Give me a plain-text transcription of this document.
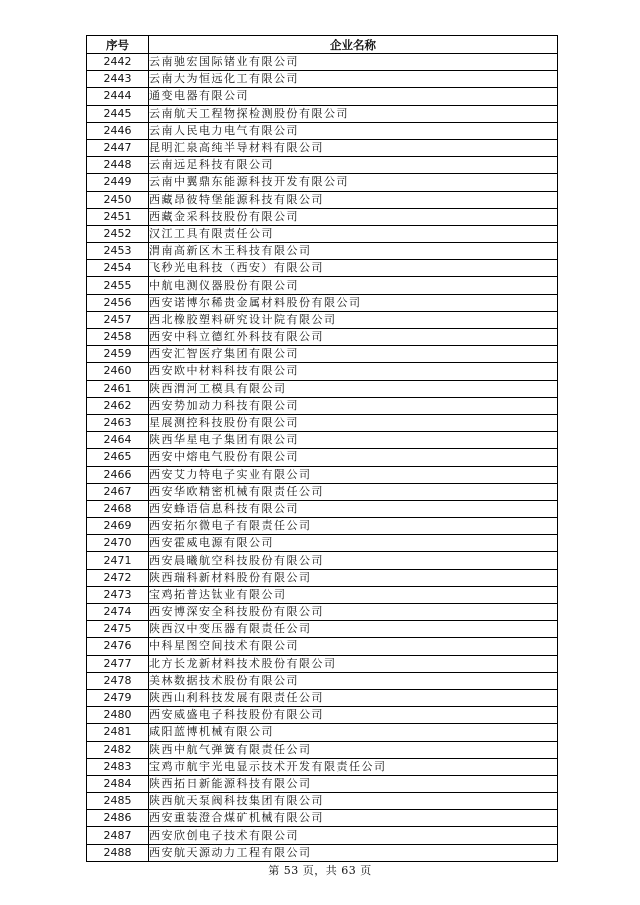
序号	企业名称
2442	云南驰宏国际锗业有限公司
2443	云南大为恒远化工有限公司
2444	通变电器有限公司
2445	云南航天工程物探检测股份有限公司
2446	云南人民电力电气有限公司
2447	昆明汇泉高纯半导材料有限公司
2448	云南远足科技有限公司
2449	云南中翼鼎东能源科技开发有限公司
2450	西藏昂彼特堡能源科技有限公司
2451	西藏金采科技股份有限公司
2452	汉江工具有限责任公司
2453	渭南高新区木王科技有限公司
2454	飞秒光电科技（西安）有限公司
2455	中航电测仪器股份有限公司
2456	西安诺博尔稀贵金属材料股份有限公司
2457	西北橡胶塑料研究设计院有限公司
2458	西安中科立德红外科技有限公司
2459	西安汇智医疗集团有限公司
2460	西安欧中材料科技有限公司
2461	陕西渭河工模具有限公司
2462	西安势加动力科技有限公司
2463	星展测控科技股份有限公司
2464	陕西华星电子集团有限公司
2465	西安中熔电气股份有限公司
2466	西安艾力特电子实业有限公司
2467	西安华欧精密机械有限责任公司
2468	西安蜂语信息科技有限公司
2469	西安拓尔微电子有限责任公司
2470	西安霍威电源有限公司
2471	西安晨曦航空科技股份有限公司
2472	陕西瑞科新材料股份有限公司
2473	宝鸡拓普达钛业有限公司
2474	西安博深安全科技股份有限公司
2475	陕西汉中变压器有限责任公司
2476	中科星图空间技术有限公司
2477	北方长龙新材料技术股份有限公司
2478	美林数据技术股份有限公司
2479	陕西山利科技发展有限责任公司
2480	西安威盛电子科技股份有限公司
2481	咸阳蓝博机械有限公司
2482	陕西中航气弹簧有限责任公司
2483	宝鸡市航宇光电显示技术开发有限责任公司
2484	陕西拓日新能源科技有限公司
2485	陕西航天泵阀科技集团有限公司
2486	西安重装澄合煤矿机械有限公司
2487	西安欣创电子技术有限公司
2488	西安航天源动力工程有限公司
第 53 页，共 63 页
